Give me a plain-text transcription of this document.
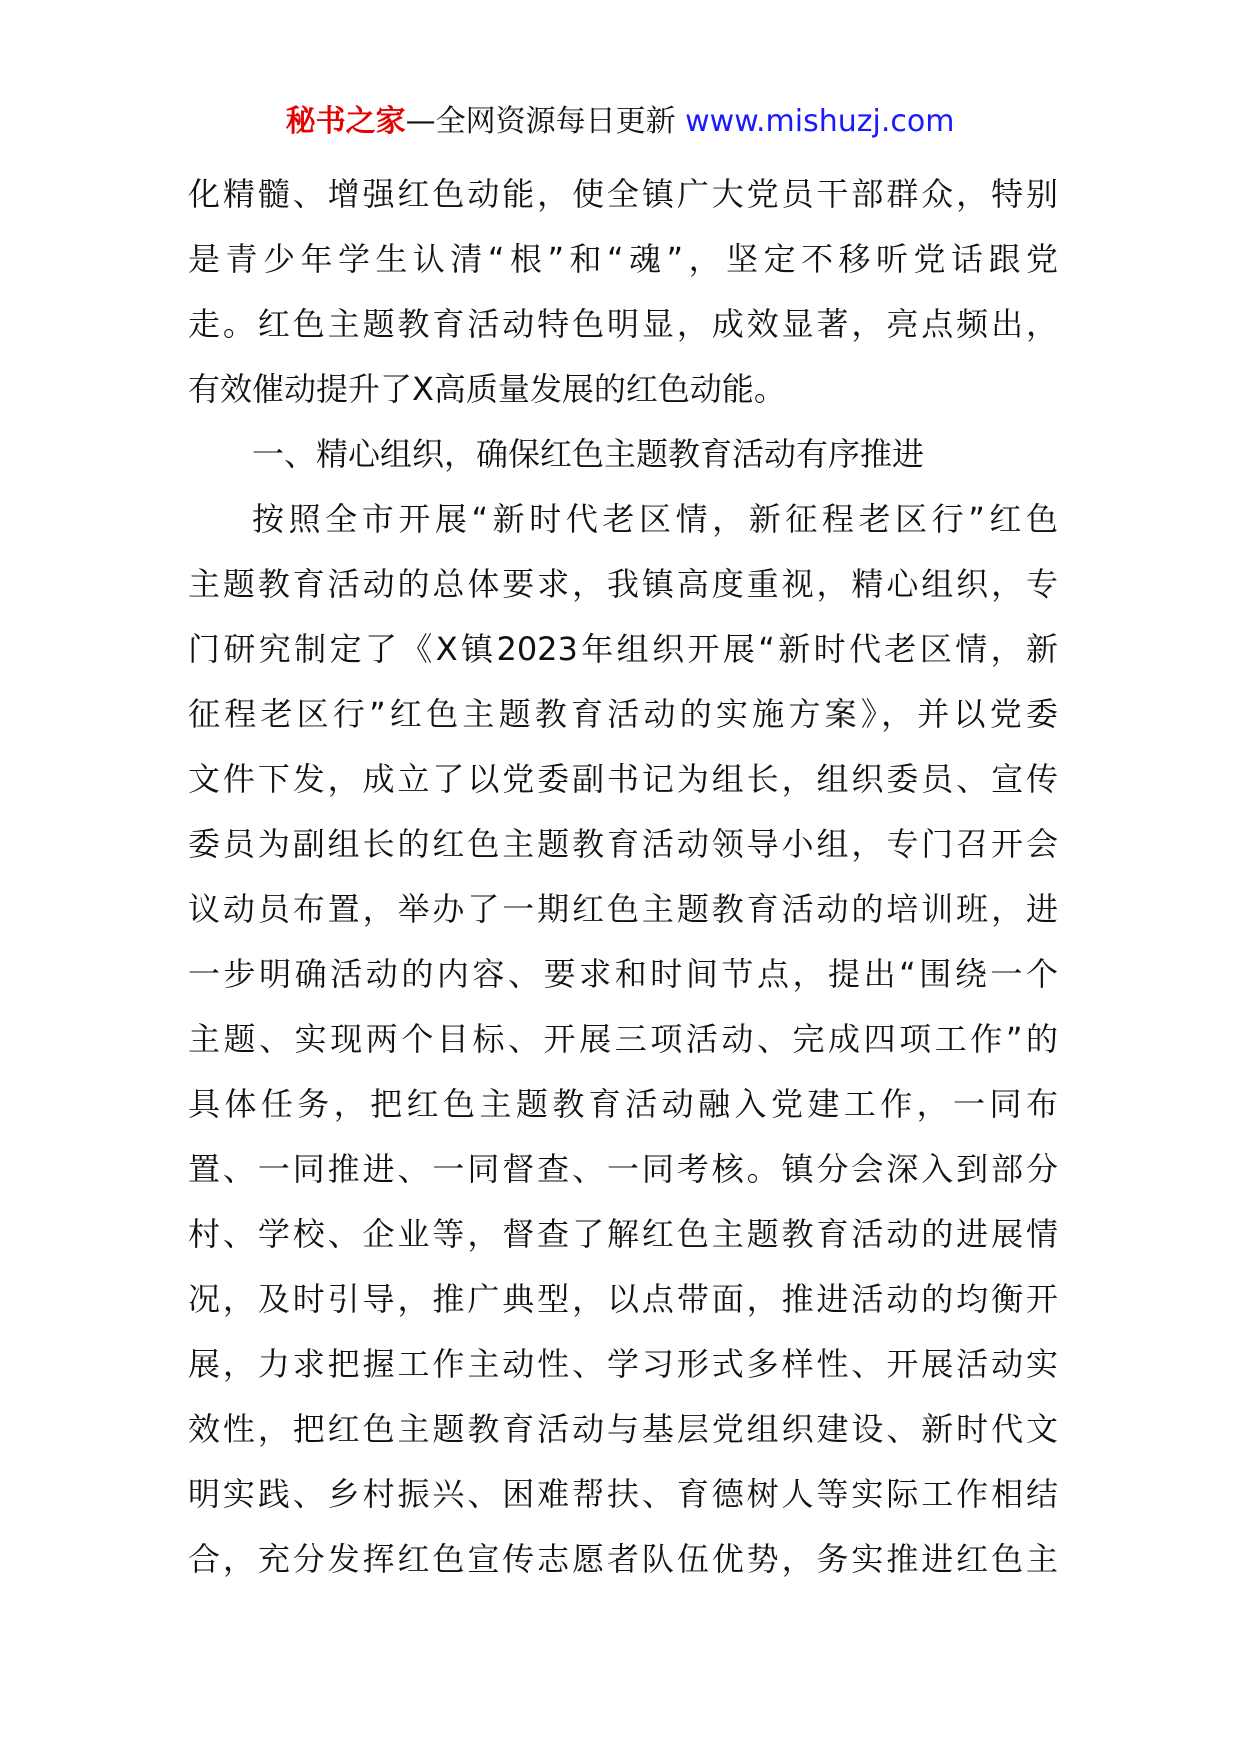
秘书之家—全网资源每日更新 www.mishuzj.com
化精髓、增强红色动能，使全镇广大党员干部群众，特别
是青少年学生认清“根”和“魂”，坚定不移听党话跟党
走。红色主题教育活动特色明显，成效显著，亮点频出，
有效催动提升了X高质量发展的红色动能。
一、精心组织，确保红色主题教育活动有序推进
按照全市开展“新时代老区情，新征程老区行”红色
主题教育活动的总体要求，我镇高度重视，精心组织，专
门研究制定了《X镇2023年组织开展“新时代老区情，新
征程老区行”红色主题教育活动的实施方案》，并以党委
文件下发，成立了以党委副书记为组长，组织委员、宣传
委员为副组长的红色主题教育活动领导小组，专门召开会
议动员布置，举办了一期红色主题教育活动的培训班，进
一步明确活动的内容、要求和时间节点，提出“围绕一个
主题、实现两个目标、开展三项活动、完成四项工作”的
具体任务，把红色主题教育活动融入党建工作，一同布
置、一同推进、一同督查、一同考核。镇分会深入到部分
村、学校、企业等，督查了解红色主题教育活动的进展情
况，及时引导，推广典型，以点带面，推进活动的均衡开
展，力求把握工作主动性、学习形式多样性、开展活动实
效性，把红色主题教育活动与基层党组织建设、新时代文
明实践、乡村振兴、困难帮扶、育德树人等实际工作相结
合，充分发挥红色宣传志愿者队伍优势，务实推进红色主
